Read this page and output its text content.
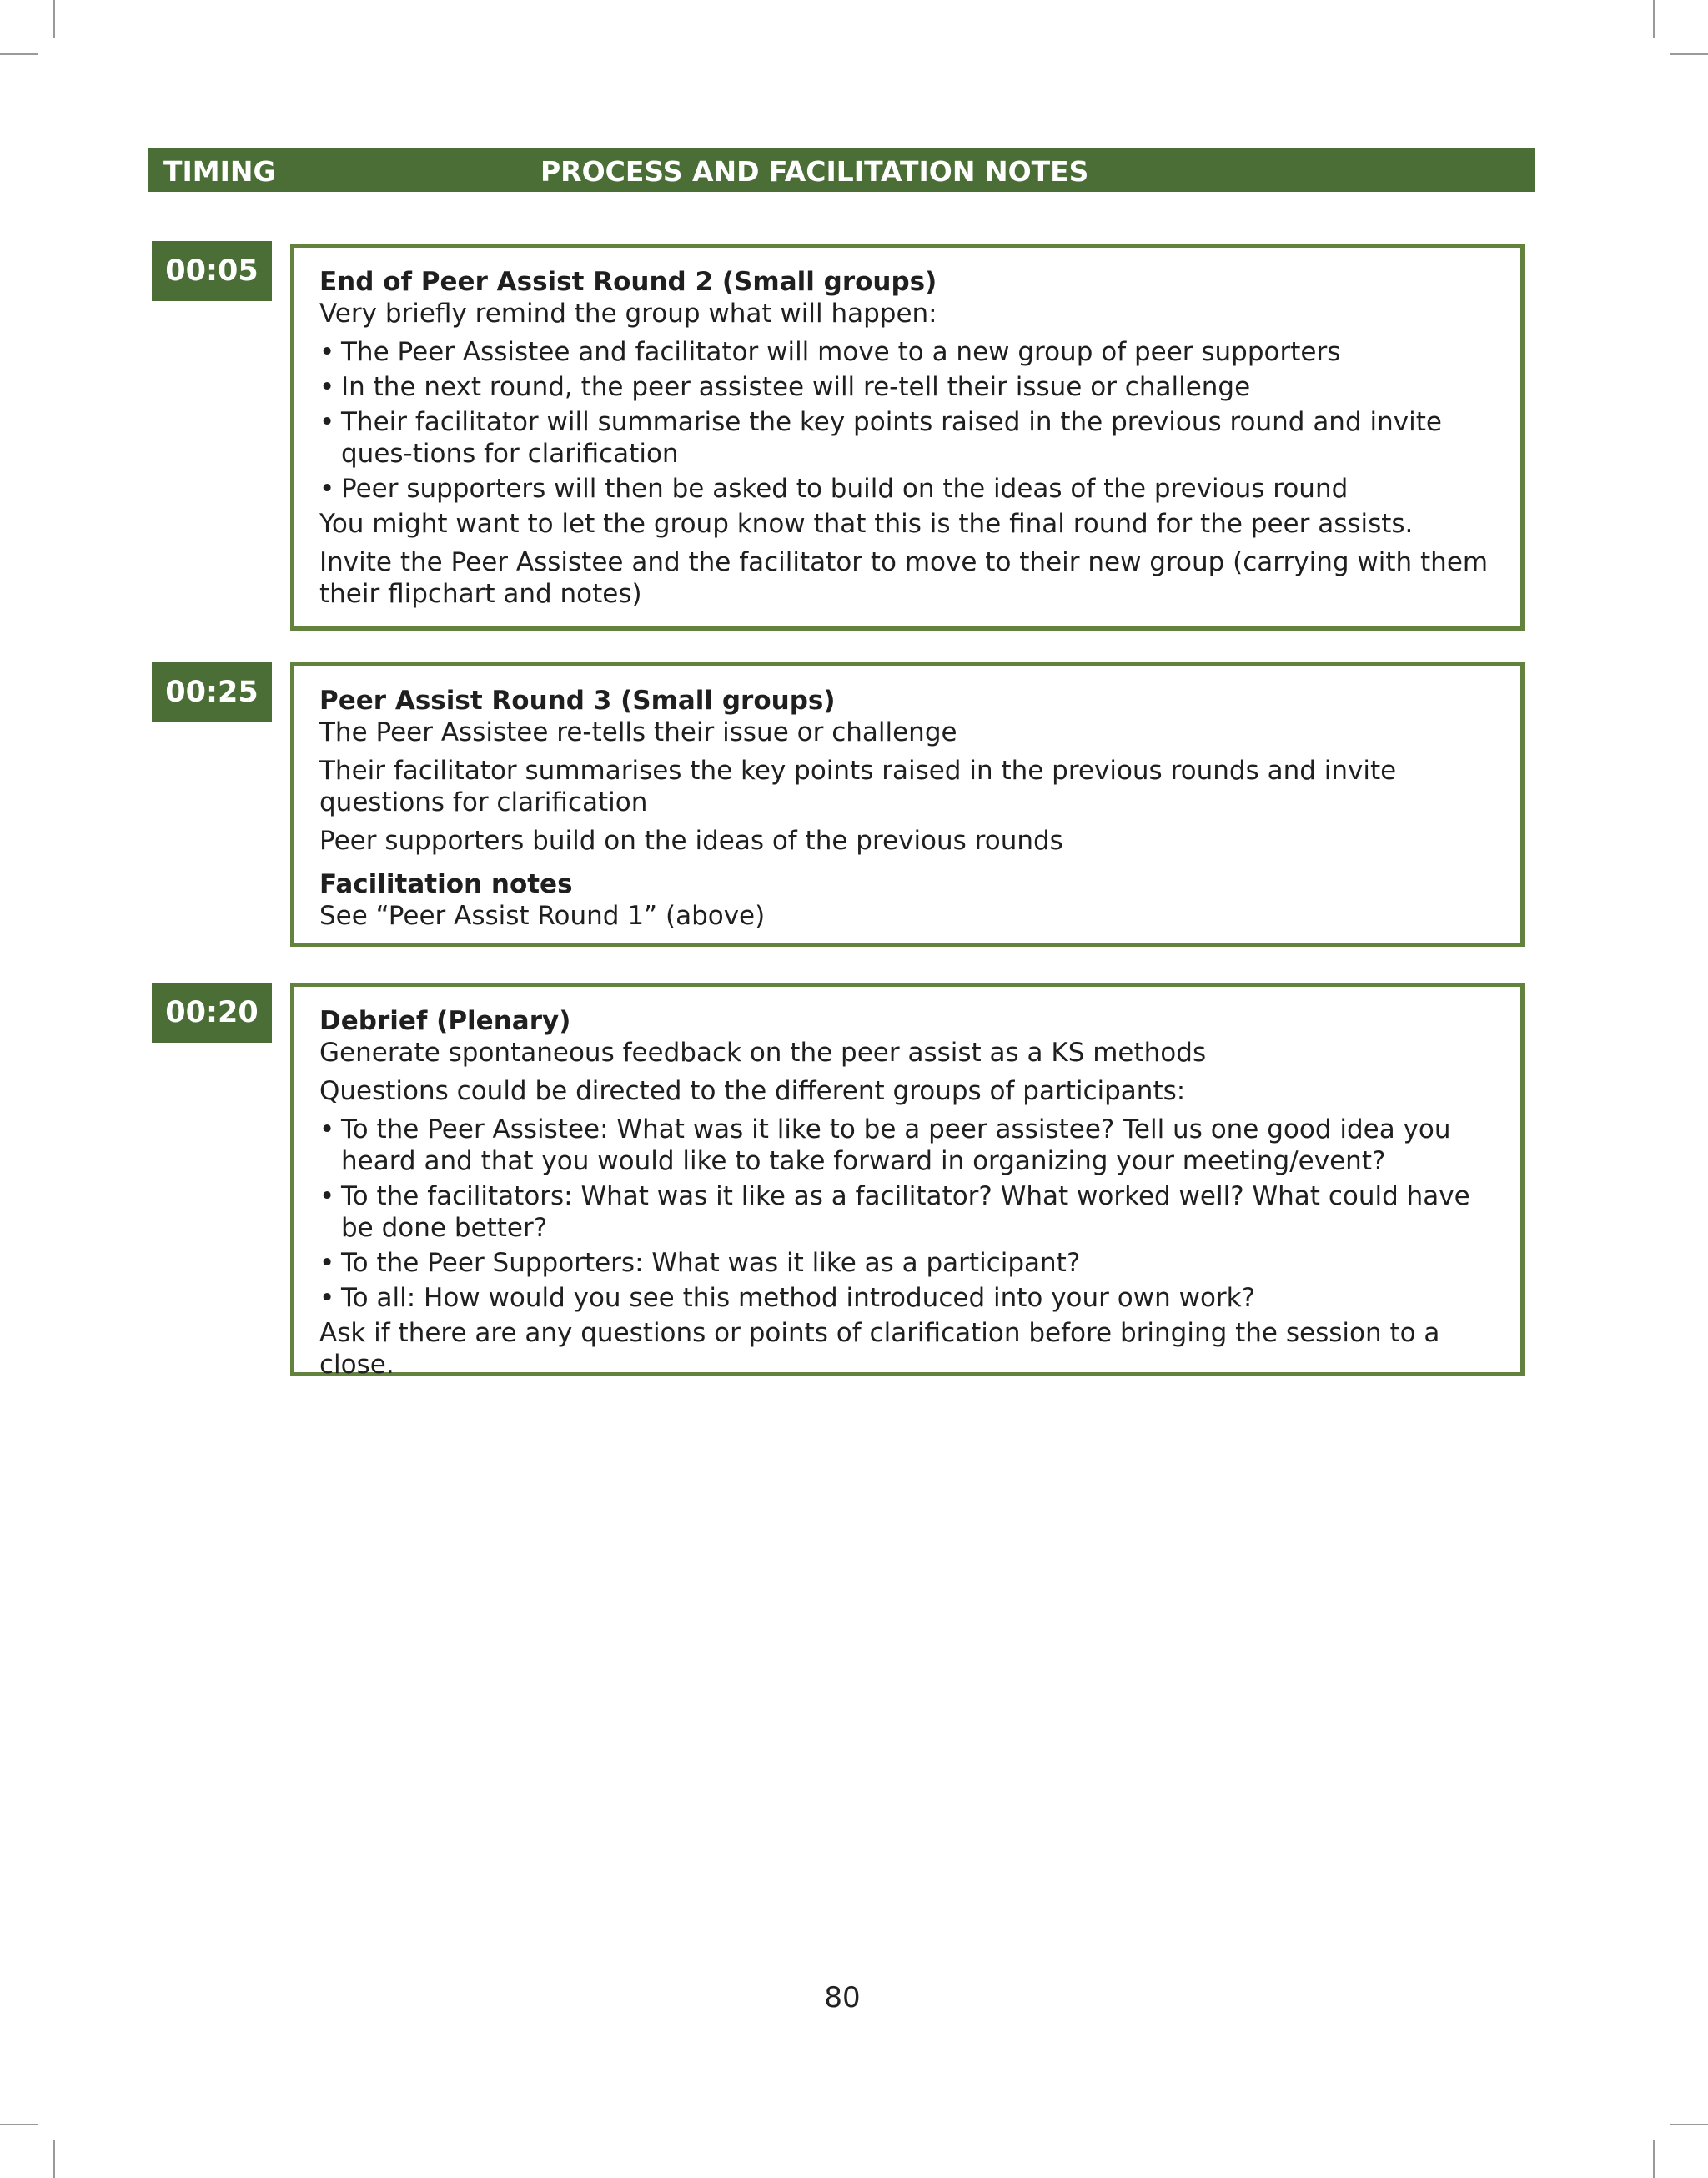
TIMING	PROCESS AND FACILITATION NOTES
00:05	End of Peer Assist Round 2 (Small groups)

Very briefly remind the group what will happen:

• The Peer Assistee and facilitator will move to a new group of peer supporters
• In the next round, the peer assistee will re-tell their issue or challenge
• Their facilitator will summarise the key points raised in the previous round and invite ques-tions for clarification
• Peer supporters will then be asked to build on the ideas of the previous round

You might want to let the group know that this is the final round for the peer assists.

Invite the Peer Assistee and the facilitator to move to their new group (carrying with them their flipchart and notes)

00:25	Peer Assist Round 3 (Small groups)

The Peer Assistee re-tells their issue or challenge

Their facilitator summarises the key points raised in the previous rounds and invite questions for clarification

Peer supporters build on the ideas of the previous rounds

Facilitation notes

See “Peer Assist Round 1” (above)

00:20	Debrief (Plenary)

Generate spontaneous feedback on the peer assist as a KS methods

Questions could be directed to the different groups of participants:

• To the Peer Assistee: What was it like to be a peer assistee? Tell us one good idea you heard and that you would like to take forward in organizing your meeting/event?
• To the facilitators: What was it like as a facilitator? What worked well? What could have be done better?
• To the Peer Supporters: What was it like as a participant?
• To all: How would you see this method introduced into your own work?

Ask if there are any questions or points of clarification before bringing the session to a close.

80
